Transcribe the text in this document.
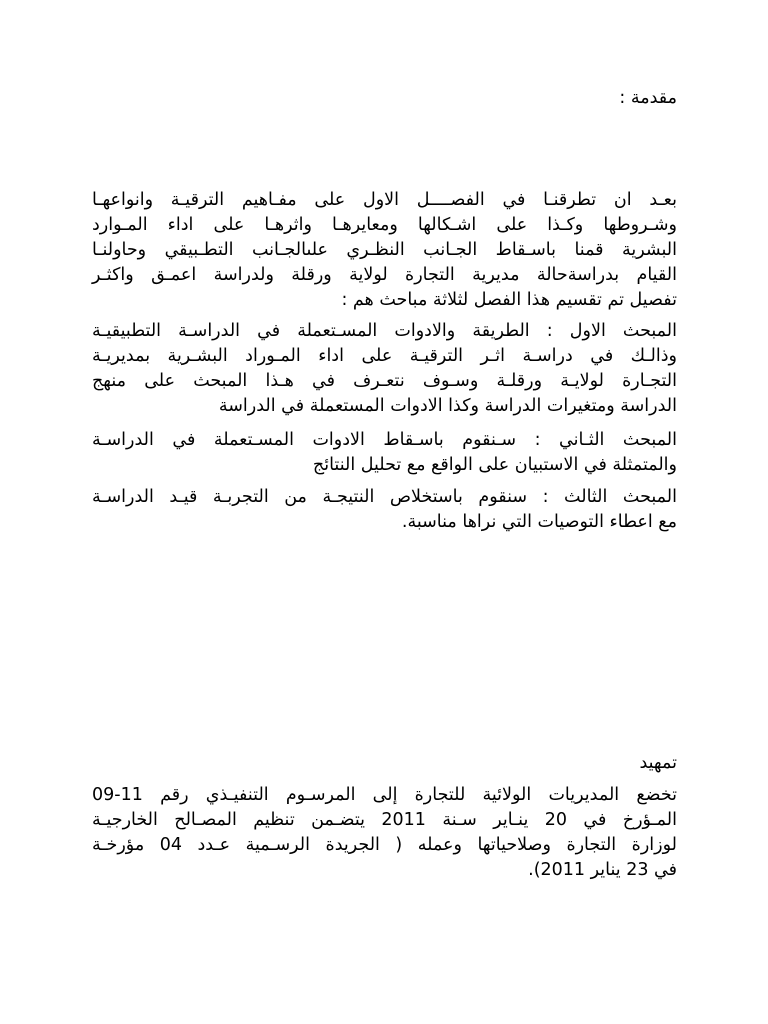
مقدمة :
بعـد ان تطرقنـا في الفصــــل الاول على مفـاهيم الترقيـة وانواعهـا
وشـروطها وكـذا على اشـكالها ومعايرهـا واثرهـا على اداء المـوارد
البشرية قمنا باسـقاط الجـانب النظـري علىالجـانب التطـبيقي وحاولنـا
القيام بدراسةحالة مديرية التجارة لولاية ورقلة ولدراسة اعمـق واكثـر
تفصيل تم تقسيم هذا الفصل لثلاثة مباحث هم :
المبحث الاول : الطريقة والادوات المسـتعملة في الدراسـة التطبيقيـة
وذالـك في دراسـة اثـر الترقيـة على اداء المـوراد البشـرية بمديريـة
التجـارة لولايـة ورقلـة وسـوف نتعـرف في هـذا المبحث على منهج
الدراسة ومتغيرات الدراسة وكذا الادوات المستعملة في الدراسة
المبحث الثـاني : سـنقوم باسـقاط الادوات المسـتعملة في الدراسـة
والمتمثلة في الاستبيان على الواقع مع تحليل النتائج
المبحث الثالث : سنقوم باستخلاص النتيجـة من التجربـة قيـد الدراسـة
مع اعطاء التوصيات التي نراها مناسبة.
تمهيد
تخضع المديريات الولائية للتجارة إلى المرسـوم التنفيـذي رقم 11-09
المـؤرخ في 20 ينـاير سـنة 2011 يتضـمن تنظيم المصـالح الخارجيـة
لوزارة التجارة وصلاحياتها وعمله ( الجريدة الرسـمية عـدد 04 مؤرخـة
في 23 يناير 2011).
